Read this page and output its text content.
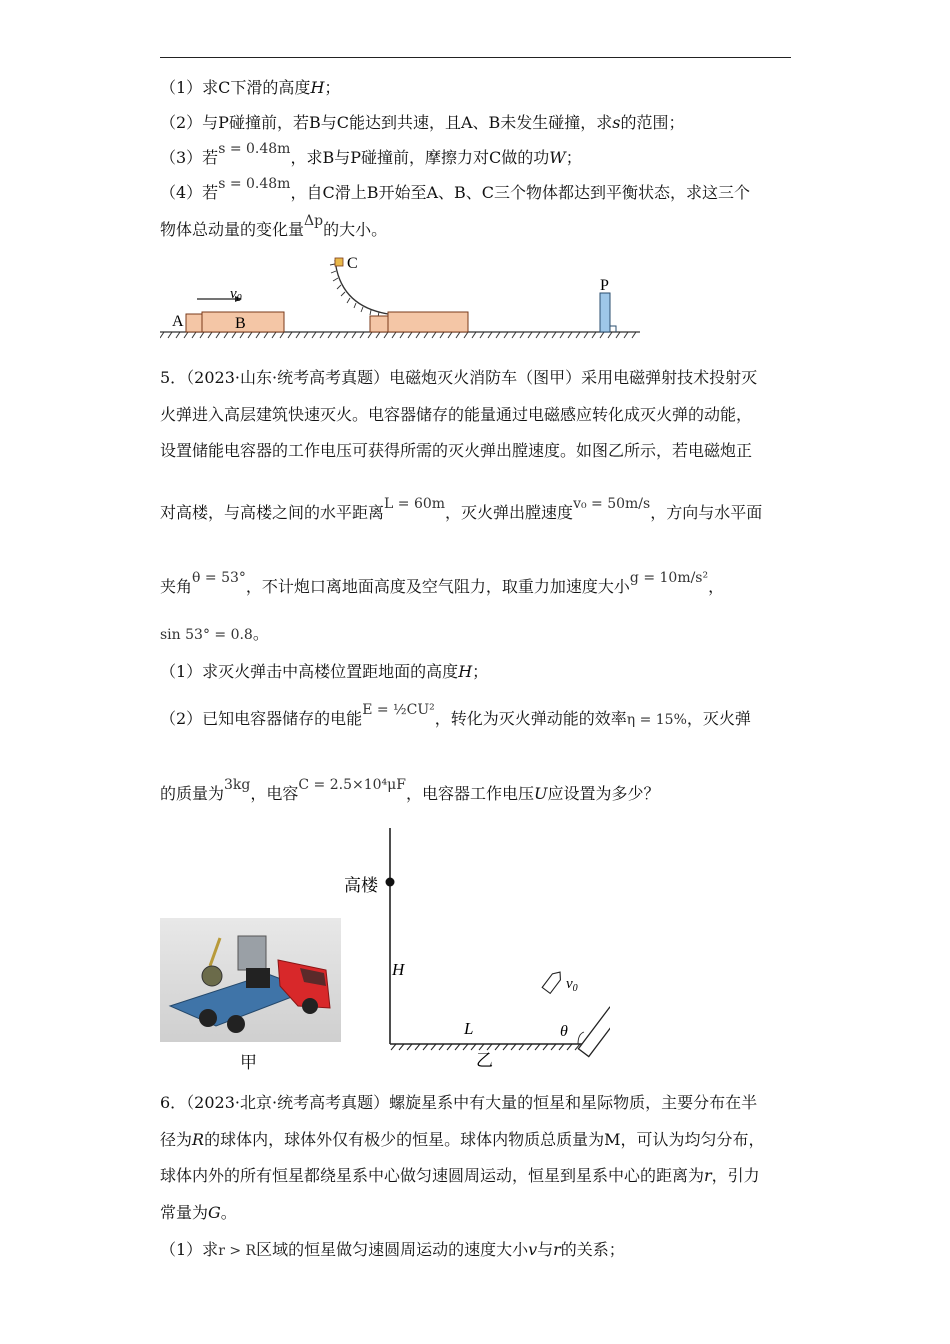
（1）求C下滑的高度H；
（2）与P碰撞前，若B与C能达到共速，且A、B未发生碰撞，求s的范围；
（3）若s = 0.48m，求B与P碰撞前，摩擦力对C做的功W；
（4）若s = 0.48m，自C滑上B开始至A、B、C三个物体都达到平衡状态，求这三个
物体总动量的变化量Δp的大小。
A	B
$v_0$
C
P
5．（2023·山东·统考高考真题）电磁炮灭火消防车（图甲）采用电磁弹射技术投射灭
火弹进入高层建筑快速灭火。电容器储存的能量通过电磁感应转化成灭火弹的动能，
设置储能电容器的工作电压可获得所需的灭火弹出膛速度。如图乙所示，若电磁炮正
对高楼，与高楼之间的水平距离L = 60m，灭火弹出膛速度v₀ = 50m/s，方向与水平面
夹角θ = 53°，不计炮口离地面高度及空气阻力，取重力加速度大小g = 10m/s²，
sin 53° = 0.8。
（1）求灭火弹击中高楼位置距地面的高度H；
（2）已知电容器储存的电能E = ½CU²，转化为灭火弹动能的效率η = 15%，灭火弹
的质量为3kg，电容C = 2.5×10⁴μF，电容器工作电压U应设置为多少？
甲
高楼
H
L	θ
$v_0$
乙
6．（2023·北京·统考高考真题）螺旋星系中有大量的恒星和星际物质，主要分布在半
径为R的球体内，球体外仅有极少的恒星。球体内物质总质量为M，可认为均匀分布，
球体内外的所有恒星都绕星系中心做匀速圆周运动，恒星到星系中心的距离为r，引力
常量为G。
（1）求r > R区域的恒星做匀速圆周运动的速度大小v与r的关系；
